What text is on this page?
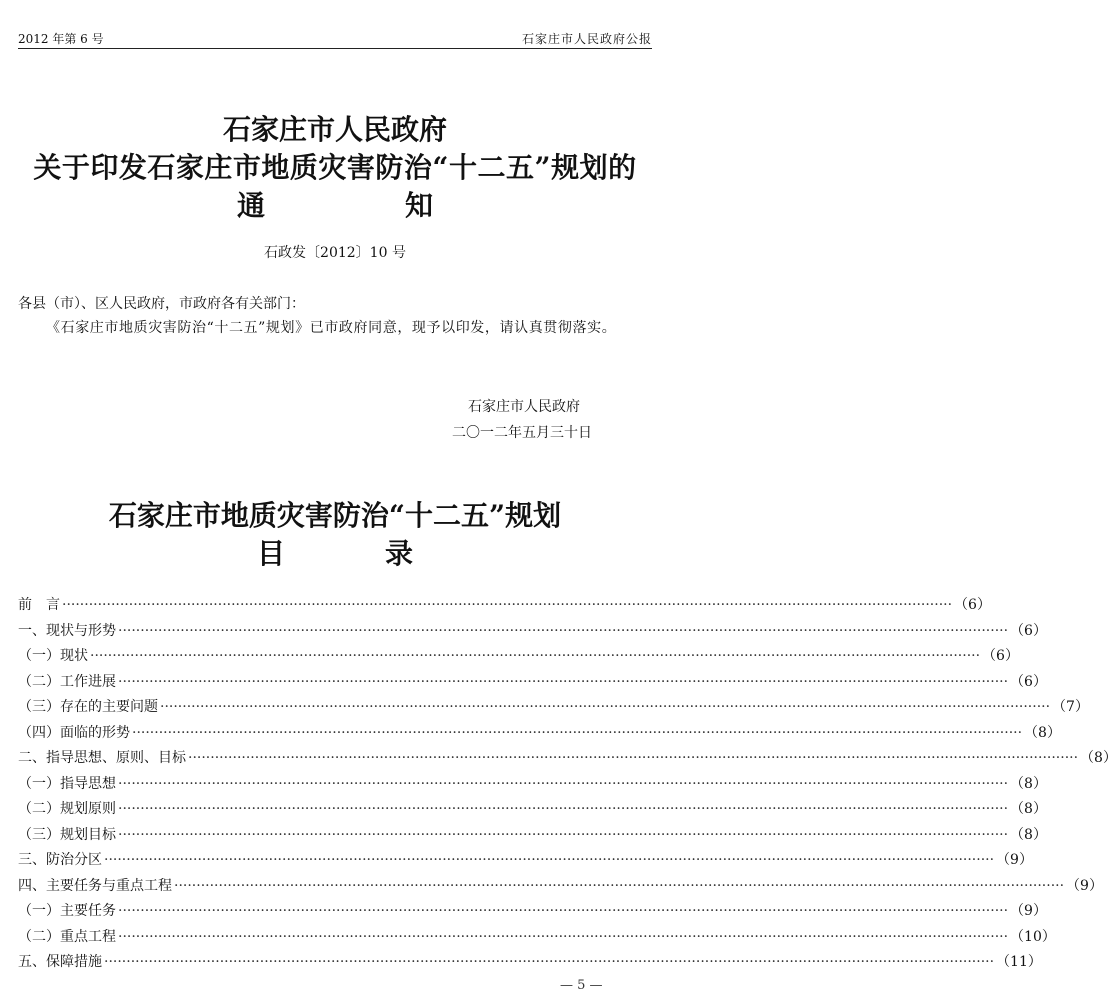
2012 年第 6 号	石家庄市人民政府公报
石家庄市人民政府
关于印发石家庄市地质灾害防治“十二五”规划的
通	知
石政发〔2012〕10 号
各县（市）、区人民政府，市政府各有关部门：
《石家庄市地质灾害防治“十二五”规划》已市政府同意，现予以印发，请认真贯彻落实。
石家庄市人民政府
二〇一二年五月三十日
石家庄市地质灾害防治“十二五”规划
目	录
前　言 ········································································································································································································ （6）
一、现状与形势 ········································································································································································································ （6）
（一）现状 ········································································································································································································ （6）
（二）工作进展 ········································································································································································································ （6）
（三）存在的主要问题 ········································································································································································································ （7）
（四）面临的形势 ········································································································································································································ （8）
二、指导思想、原则、目标 ········································································································································································································ （8）
（一）指导思想 ········································································································································································································ （8）
（二）规划原则 ········································································································································································································ （8）
（三）规划目标 ········································································································································································································ （8）
三、防治分区 ········································································································································································································ （9）
四、主要任务与重点工程 ········································································································································································································ （9）
（一）主要任务 ········································································································································································································ （9）
（二）重点工程 ········································································································································································································ （10）
五、保障措施 ········································································································································································································ （11）
— 5 —
